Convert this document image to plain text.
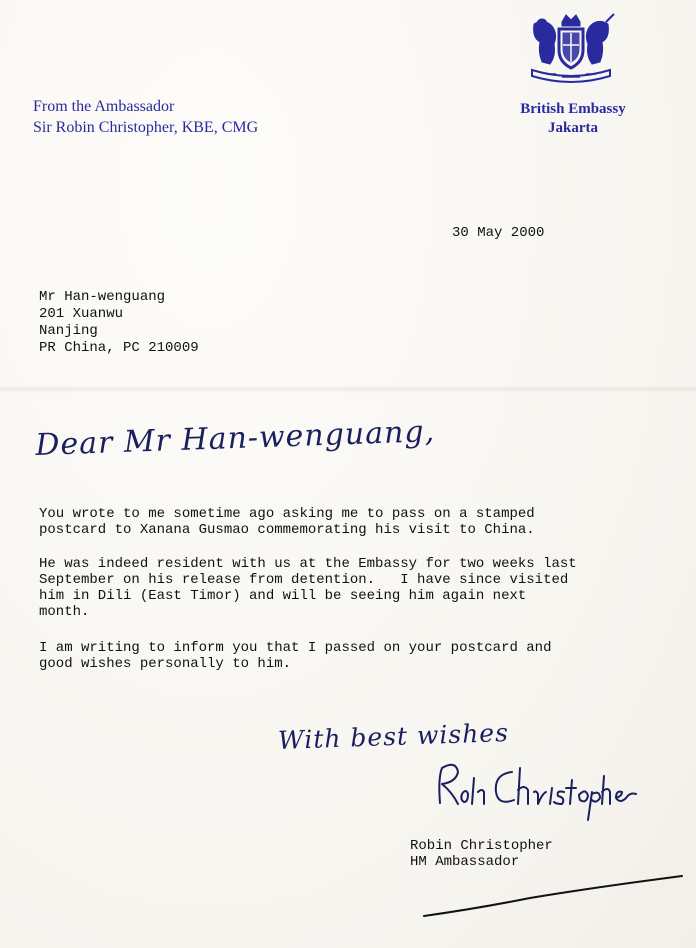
From the Ambassador
Sir Robin Christopher, KBE, CMG
British Embassy
Jakarta
30 May 2000
Mr Han-wenguang
201 Xuanwu
Nanjing
PR China, PC 210009
Dear Mr Han-wenguang,
You wrote to me sometime ago asking me to pass on a stamped
postcard to Xanana Gusmao commemorating his visit to China.
He was indeed resident with us at the Embassy for two weeks last
September on his release from detention.   I have since visited
him in Dili (East Timor) and will be seeing him again next
month.
I am writing to inform you that I passed on your postcard and
good wishes personally to him.
With best wishes
Robin Christopher
HM Ambassador
